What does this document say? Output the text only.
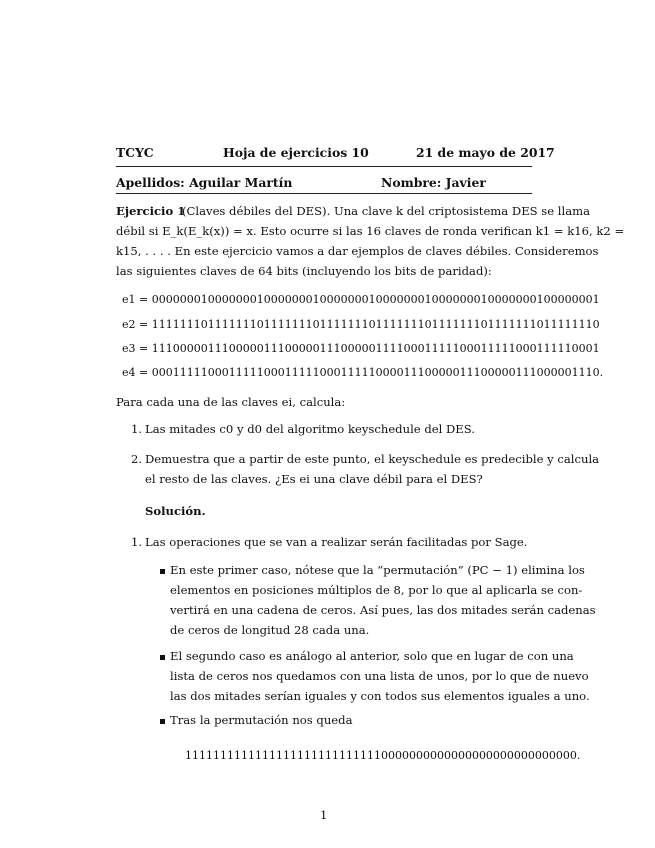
TCYC	Hoja de ejercicios 10	21 de mayo de 2017
Apellidos: Aguilar Martín	Nombre: Javier
Ejercicio 1
(Claves débiles del DES). Una clave k del criptosistema DES se llama
débil si E_k(E_k(x)) = x. Esto ocurre si las 16 claves de ronda verifican k1 = k16, k2 =
k15, . . . . En este ejercicio vamos a dar ejemplos de claves débiles. Consideremos
las siguientes claves de 64 bits (incluyendo los bits de paridad):
e1 = 0000000100000001000000010000000100000001000000010000000100000001
e2 = 1111111011111110111111101111111011111110111111101111111011111110
e3 = 1110000011100000111000001110000011110001111100011111000111110001
e4 = 0001111100011111000111110001111100001110000011100000111000001110.
Para cada una de las claves ei, calcula:
1. Las mitades c0 y d0 del algoritmo keyschedule del DES.
2. Demuestra que a partir de este punto, el keyschedule es predecible y calcula
el resto de las claves. ¿Es ei una clave débil para el DES?
Solución.
1. Las operaciones que se van a realizar serán facilitadas por Sage.
En este primer caso, nótese que la “permutación” (PC − 1) elimina los
elementos en posiciones múltiplos de 8, por lo que al aplicarla se con-
vertirá en una cadena de ceros. Así pues, las dos mitades serán cadenas
de ceros de longitud 28 cada una.
El segundo caso es análogo al anterior, solo que en lugar de con una
lista de ceros nos quedamos con una lista de unos, por lo que de nuevo
las dos mitades serían iguales y con todos sus elementos iguales a uno.
Tras la permutación nos queda
11111111111111111111111111110000000000000000000000000000.
1
